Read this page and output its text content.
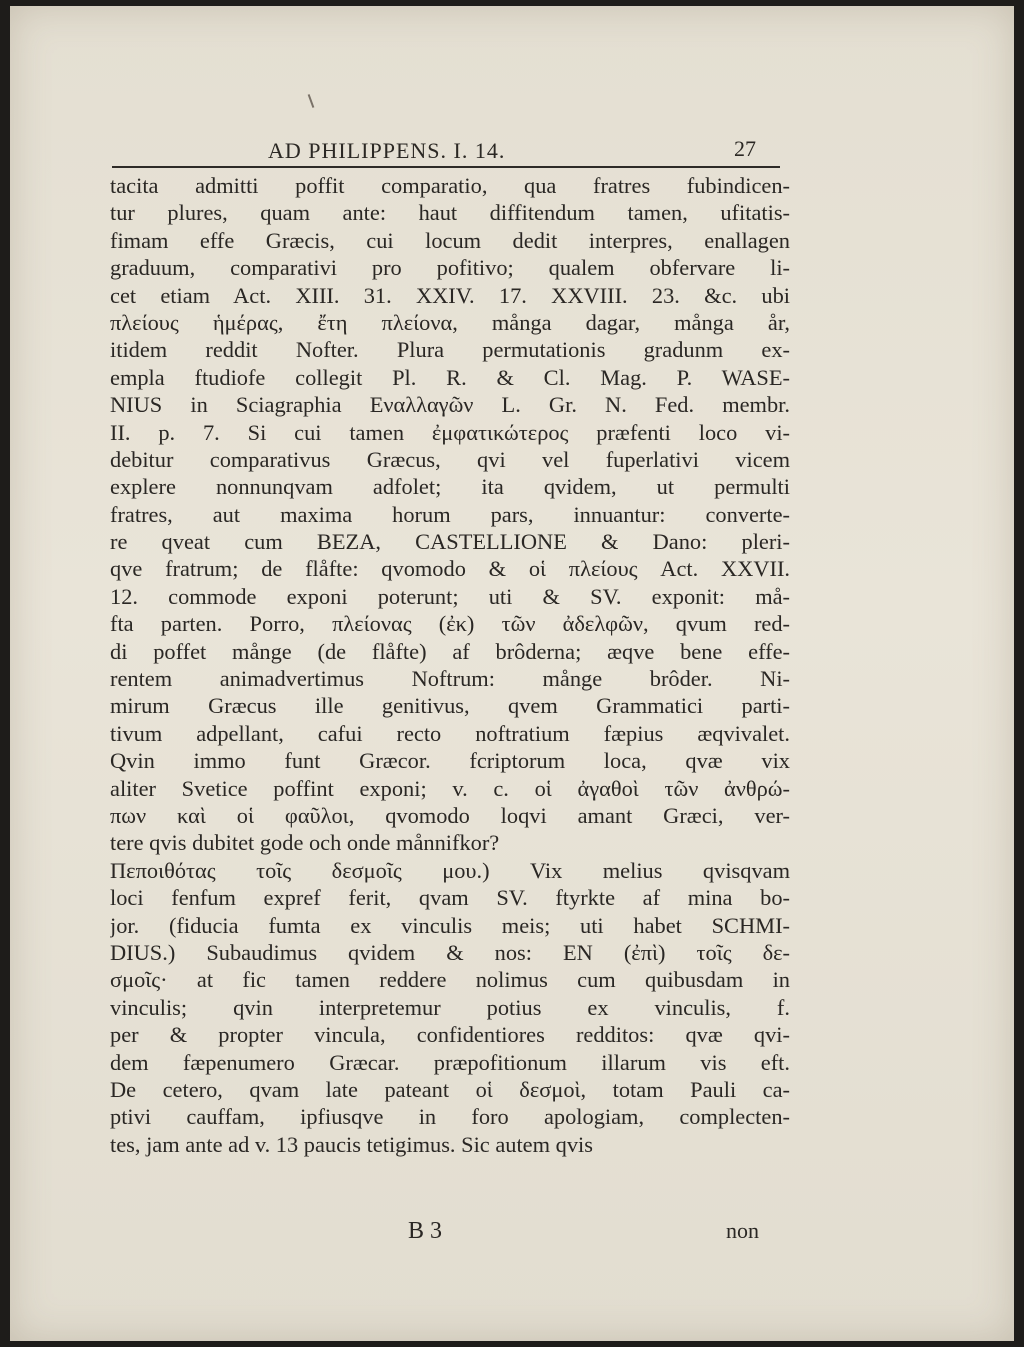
AD PHILIPPENS. I. 14.	27
tacita admitti poffit comparatio, qua fratres fubindicen-
tur plures, quam ante: haut diffitendum tamen, ufitatis-
fimam effe Græcis, cui locum dedit interpres, enallagen
graduum, comparativi pro pofitivo; qualem obfervare li-
cet etiam Act. XIII. 31. XXIV. 17. XXVIII. 23. &c. ubi
πλείους ἡμέρας, ἔτη πλείονα, många dagar, många år,
itidem reddit Nofter. Plura permutationis gradunm ex-
empla ftudiofe collegit Pl. R. & Cl. Mag. P. WASE-
NIUS in Sciagraphia Εναλλαγῶν L. Gr. N. Fed. membr.
II. p. 7. Si cui tamen ἐμφατικώτερος præfenti loco vi-
debitur comparativus Græcus, qvi vel fuperlativi vicem
explere nonnunqvam adfolet; ita qvidem, ut permulti
fratres, aut maxima horum pars, innuantur: converte-
re qveat cum BEZA, CASTELLIONE & Dano: pleri-
qve fratrum; de flåfte: qvomodo & οἱ πλείους Act. XXVII.
12. commode exponi poterunt; uti & SV. exponit: må-
fta parten. Porro, πλείονας (ἐκ) τῶν ἀδελφῶν, qvum red-
di poffet månge (de flåfte) af brôderna; æqve bene effe-
rentem animadvertimus Noftrum: månge brôder. Ni-
mirum Græcus ille genitivus, qvem Grammatici parti-
tivum adpellant, cafui recto noftratium fæpius æqvivalet.
Qvin immo funt Græcor. fcriptorum loca, qvæ vix
aliter Svetice poffint exponi; v. c. οἱ ἀγαθοὶ τῶν ἀνθρώ-
πων καὶ οἱ φαῦλοι, qvomodo loqvi amant Græci, ver-
tere qvis dubitet gode och onde månnifkor?
Πεποιθότας τοῖς δεσμοῖς μου.) Vix melius qvisqvam
loci fenfum expref ferit, qvam SV. ftyrkte af mina bo-
jor. (fiducia fumta ex vinculis meis; uti habet SCHMI-
DIUS.) Subaudimus qvidem & nos: EN (ἐπὶ) τοῖς δε-
σμοῖς· at fic tamen reddere nolimus cum quibusdam in
vinculis; qvin interpretemur potius ex vinculis, f.
per & propter vincula, confidentiores redditos: qvæ qvi-
dem fæpenumero Græcar. præpofitionum illarum vis eft.
De cetero, qvam late pateant οἱ δεσμοὶ, totam Pauli ca-
ptivi cauffam, ipfiusqve in foro apologiam, complecten-
tes, jam ante ad v. 13 paucis tetigimus. Sic autem qvis
B 3	non
